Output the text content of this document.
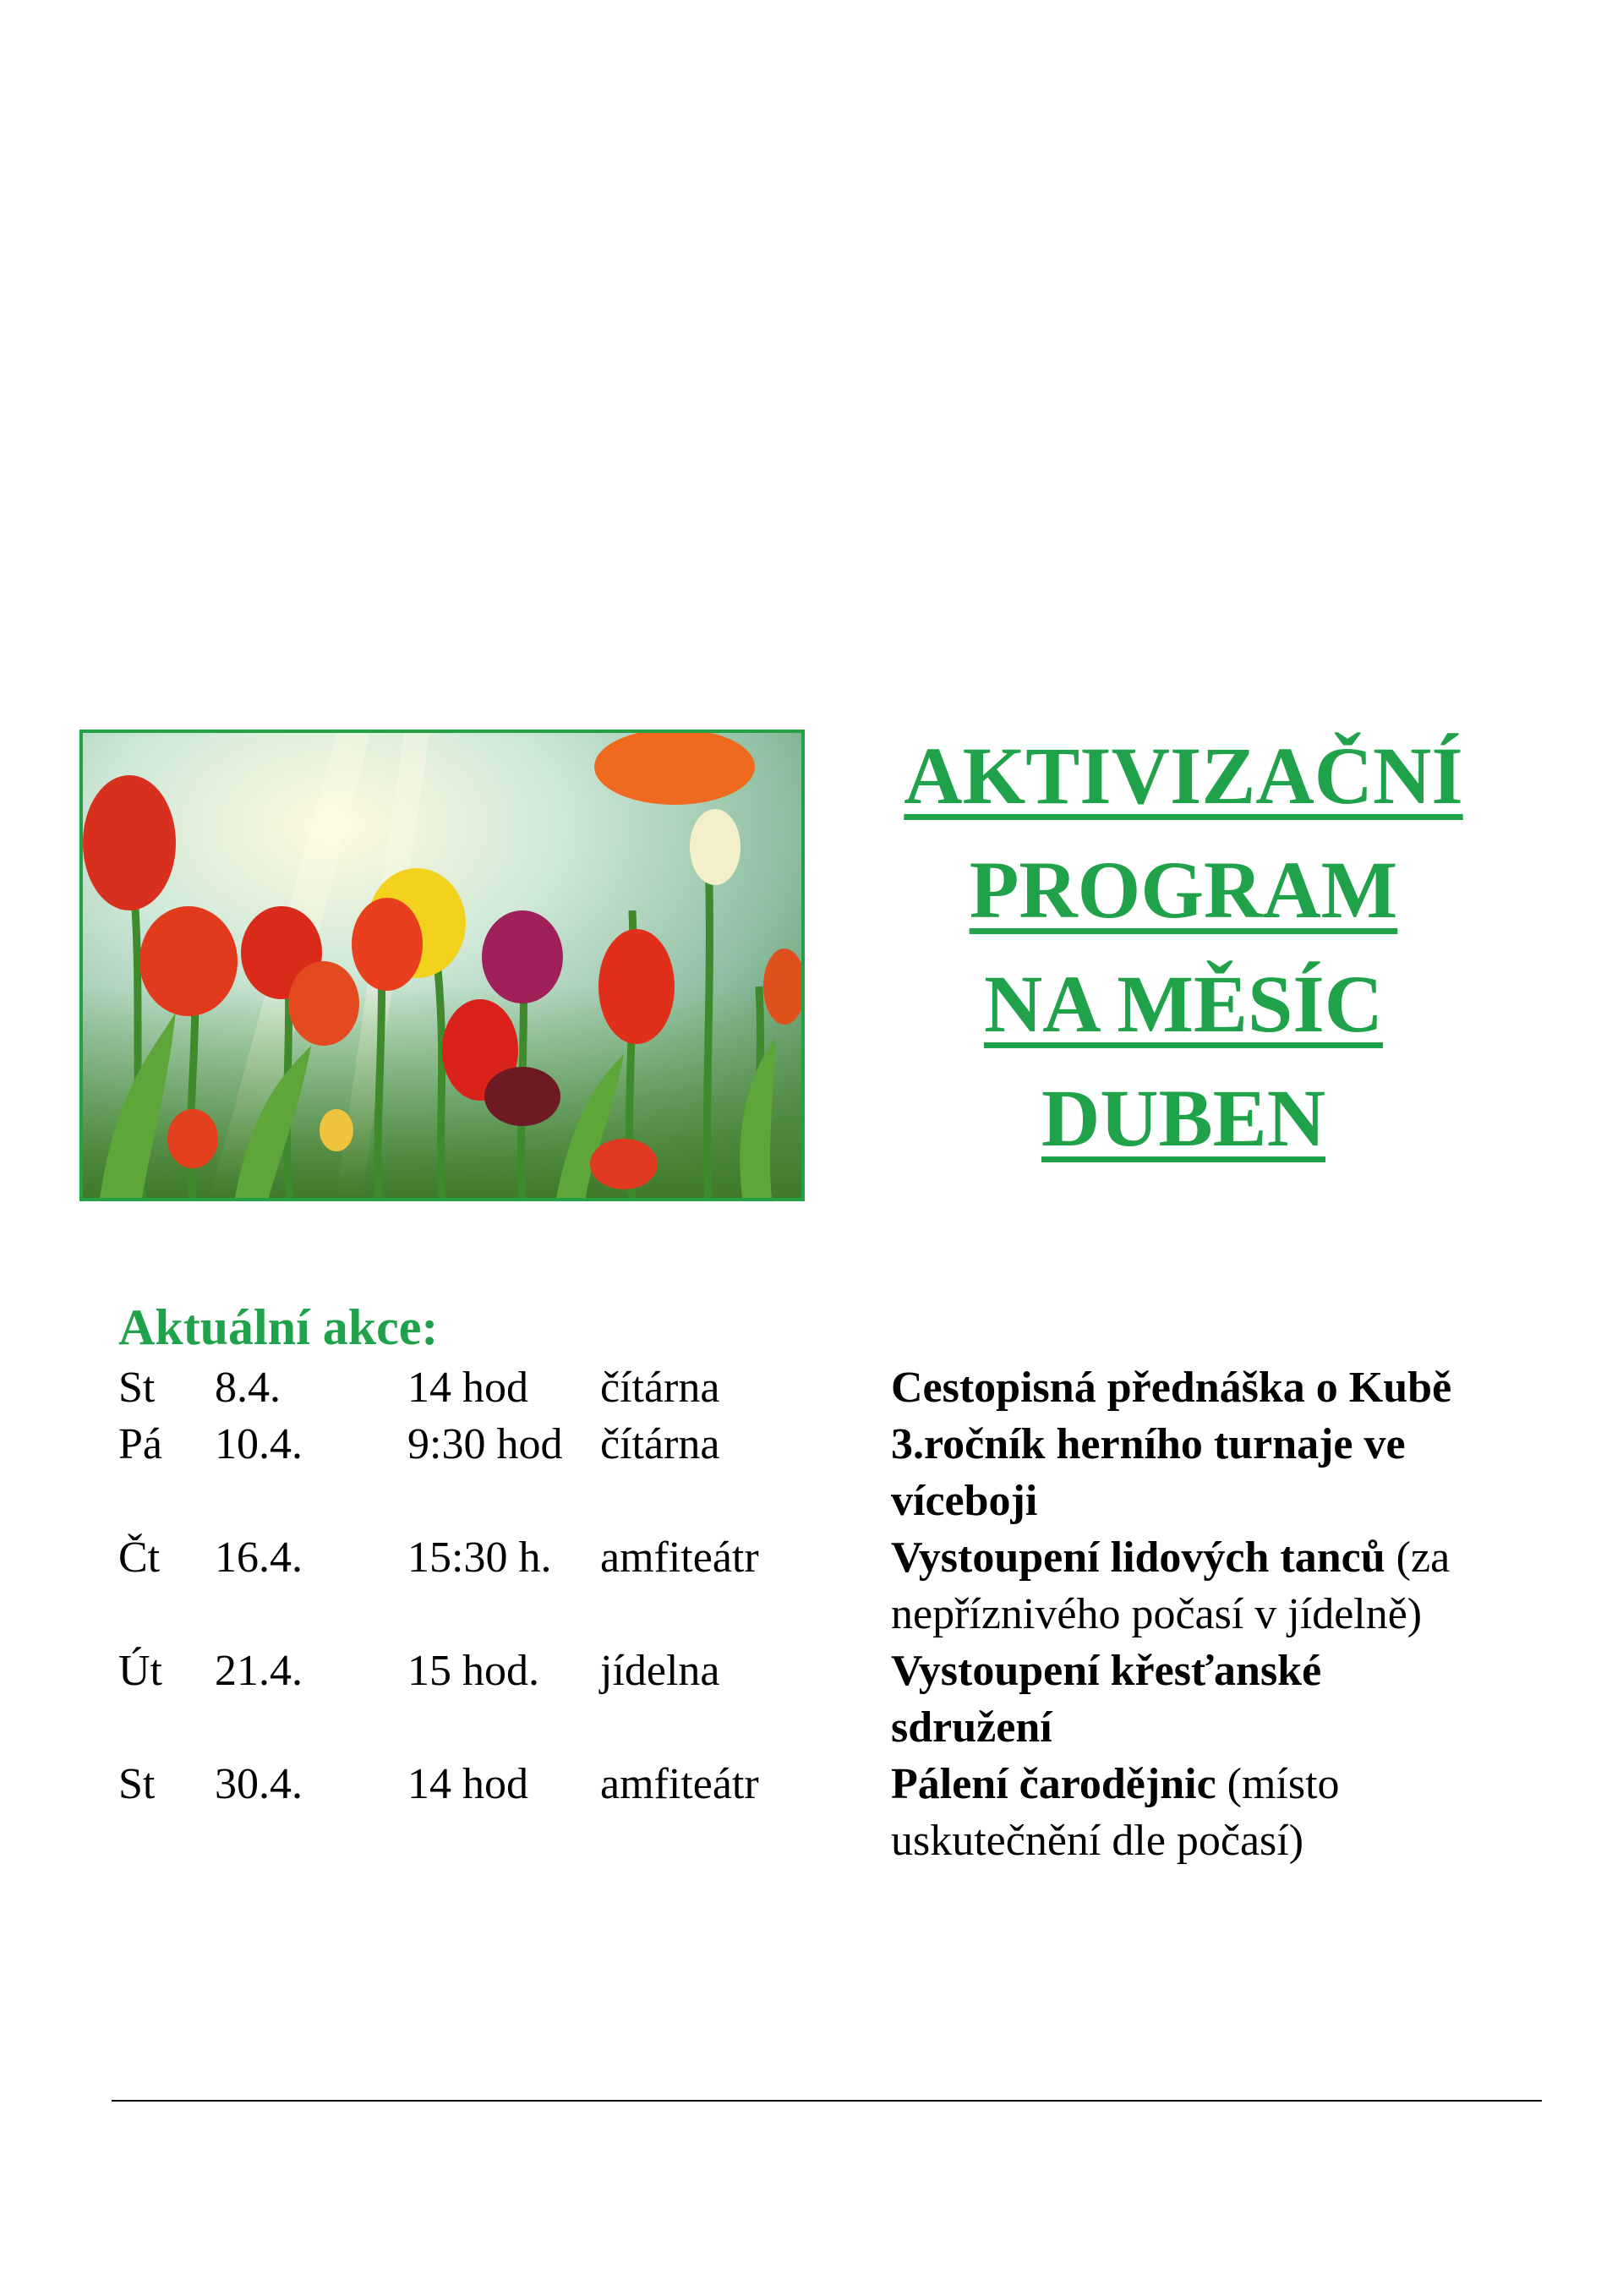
AKTIVIZAČNÍ
PROGRAM
NA MĚSÍC
DUBEN
Aktuální akce:
St 8.4.	14 hod čítárna	Cestopisná přednáška o Kubě
Pá 10.4. 9:30 hod čítárna	3.ročník herního turnaje ve víceboji
Čt 16.4. 15:30 h. amfiteátr	Vystoupení lidových tanců (za nepříznivého počasí v jídelně)
Út 21.4. 15 hod. jídelna	Vystoupení křesťanské sdružení
St 30.4. 14 hod amfiteátr	Pálení čarodějnic (místo uskutečnění dle počasí)
